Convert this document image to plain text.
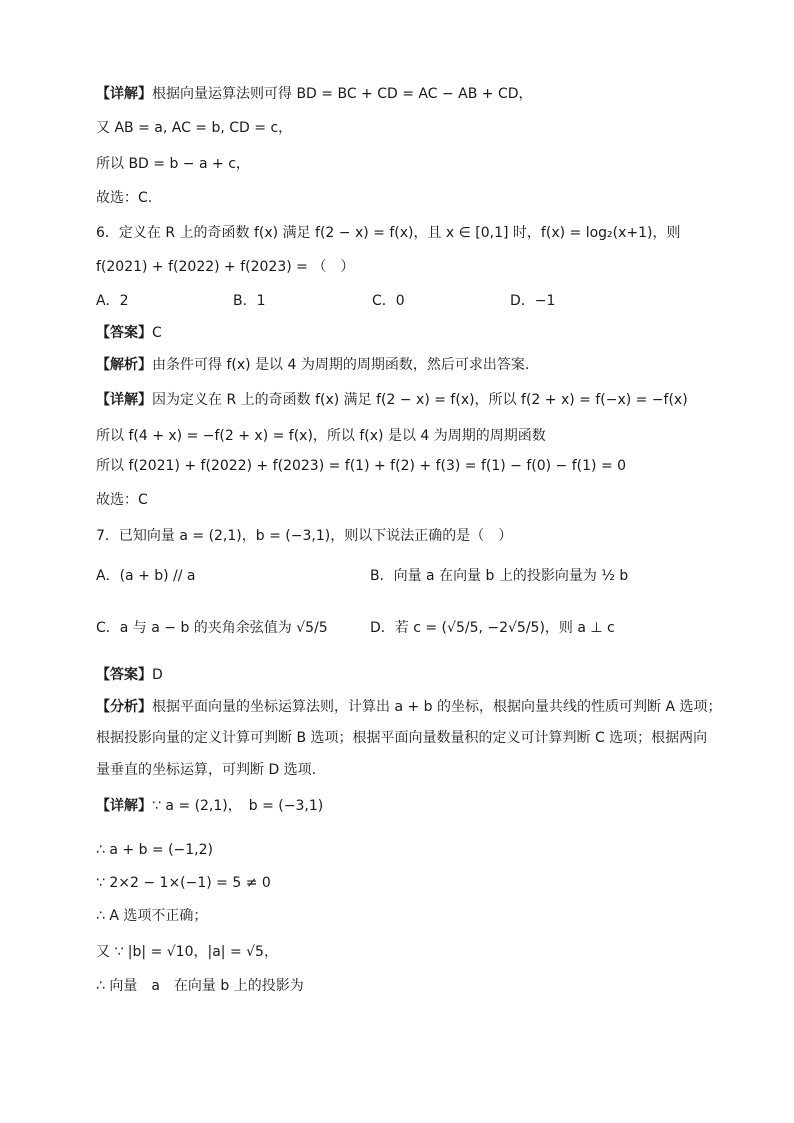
【详解】根据向量运算法则可得 BD = BC + CD = AC − AB + CD，
又 AB = a, AC = b, CD = c，
所以 BD = b − a + c，
故选：C.
6．定义在 R 上的奇函数 f(x) 满足 f(2 − x) = f(x)，且 x ∈ [0,1] 时，f(x) = log₂(x+1)，则
f(2021) + f(2022) + f(2023) = （　）
A．2	B．1	C．0	D．−1
【答案】C
【解析】由条件可得 f(x) 是以 4 为周期的周期函数，然后可求出答案.
【详解】因为定义在 R 上的奇函数 f(x) 满足 f(2 − x) = f(x)，所以 f(2 + x) = f(−x) = −f(x)
所以 f(4 + x) = −f(2 + x) = f(x)，所以 f(x) 是以 4 为周期的周期函数
所以 f(2021) + f(2022) + f(2023) = f(1) + f(2) + f(3) = f(1) − f(0) − f(1) = 0
故选：C
7．已知向量 a = (2,1)，b = (−3,1)，则以下说法正确的是（　）
A．(a + b) // a	B．向量 a 在向量 b 上的投影向量为 ½ b
C．a 与 a − b 的夹角余弦值为 √5/5	D．若 c = (√5/5, −2√5/5)，则 a ⊥ c
【答案】D
【分析】根据平面向量的坐标运算法则，计算出 a + b 的坐标，根据向量共线的性质可判断 A 选项；
根据投影向量的定义计算可判断 B 选项；根据平面向量数量积的定义可计算判断 C 选项；根据两向
量垂直的坐标运算，可判断 D 选项.
【详解】∵ a = (2,1)，　b = (−3,1)
∴ a + b = (−1,2)
∵ 2×2 − 1×(−1) = 5 ≠ 0
∴ A 选项不正确；
又 ∵ |b| = √10，|a| = √5，
∴ 向量　a　在向量 b 上的投影为
